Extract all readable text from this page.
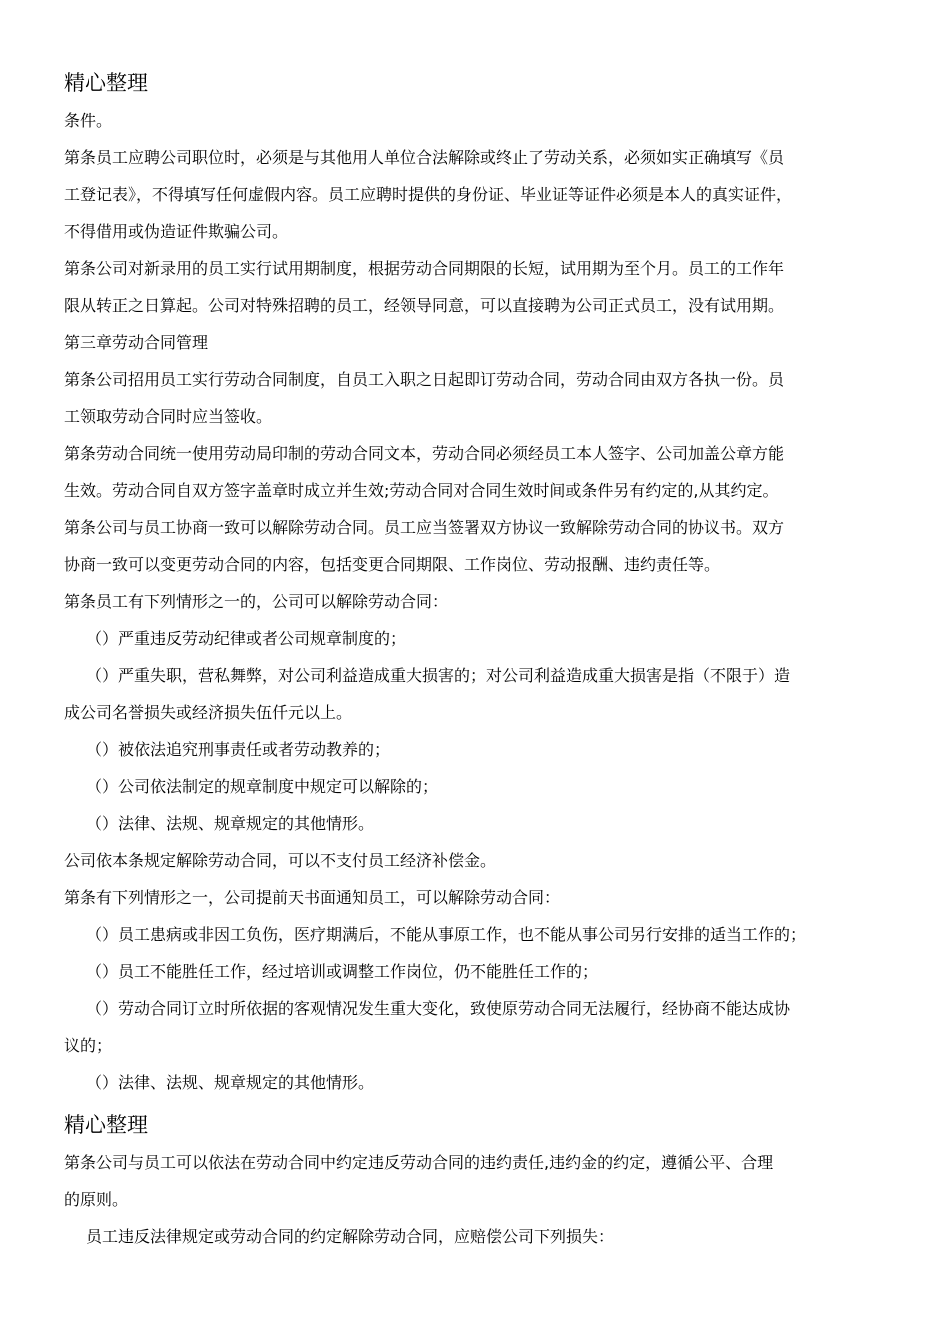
精心整理
条件。
第条员工应聘公司职位时，必须是与其他用人单位合法解除或终止了劳动关系，必须如实正确填写《员
工登记表》，不得填写任何虚假内容。员工应聘时提供的身份证、毕业证等证件必须是本人的真实证件，
不得借用或伪造证件欺骗公司。
第条公司对新录用的员工实行试用期制度，根据劳动合同期限的长短，试用期为至个月。员工的工作年
限从转正之日算起。公司对特殊招聘的员工，经领导同意，可以直接聘为公司正式员工，没有试用期。
第三章劳动合同管理
第条公司招用员工实行劳动合同制度，自员工入职之日起即订劳动合同，劳动合同由双方各执一份。员
工领取劳动合同时应当签收。
第条劳动合同统一使用劳动局印制的劳动合同文本，劳动合同必须经员工本人签字、公司加盖公章方能
生效。劳动合同自双方签字盖章时成立并生效;劳动合同对合同生效时间或条件另有约定的,从其约定。
第条公司与员工协商一致可以解除劳动合同。员工应当签署双方协议一致解除劳动合同的协议书。双方
协商一致可以变更劳动合同的内容，包括变更合同期限、工作岗位、劳动报酬、违约责任等。
第条员工有下列情形之一的，公司可以解除劳动合同：
（）严重违反劳动纪律或者公司规章制度的；
（）严重失职，营私舞弊，对公司利益造成重大损害的；对公司利益造成重大损害是指（不限于）造
成公司名誉损失或经济损失伍仟元以上。
（）被依法追究刑事责任或者劳动教养的；
（）公司依法制定的规章制度中规定可以解除的；
（）法律、法规、规章规定的其他情形。
公司依本条规定解除劳动合同，可以不支付员工经济补偿金。
第条有下列情形之一，公司提前天书面通知员工，可以解除劳动合同：
（）员工患病或非因工负伤，医疗期满后，不能从事原工作，也不能从事公司另行安排的适当工作的；
（）员工不能胜任工作，经过培训或调整工作岗位，仍不能胜任工作的；
（）劳动合同订立时所依据的客观情况发生重大变化，致使原劳动合同无法履行，经协商不能达成协
议的；
（）法律、法规、规章规定的其他情形。
精心整理
第条公司与员工可以依法在劳动合同中约定违反劳动合同的违约责任,违约金的约定，遵循公平、合理
的原则。
员工违反法律规定或劳动合同的约定解除劳动合同，应赔偿公司下列损失：
